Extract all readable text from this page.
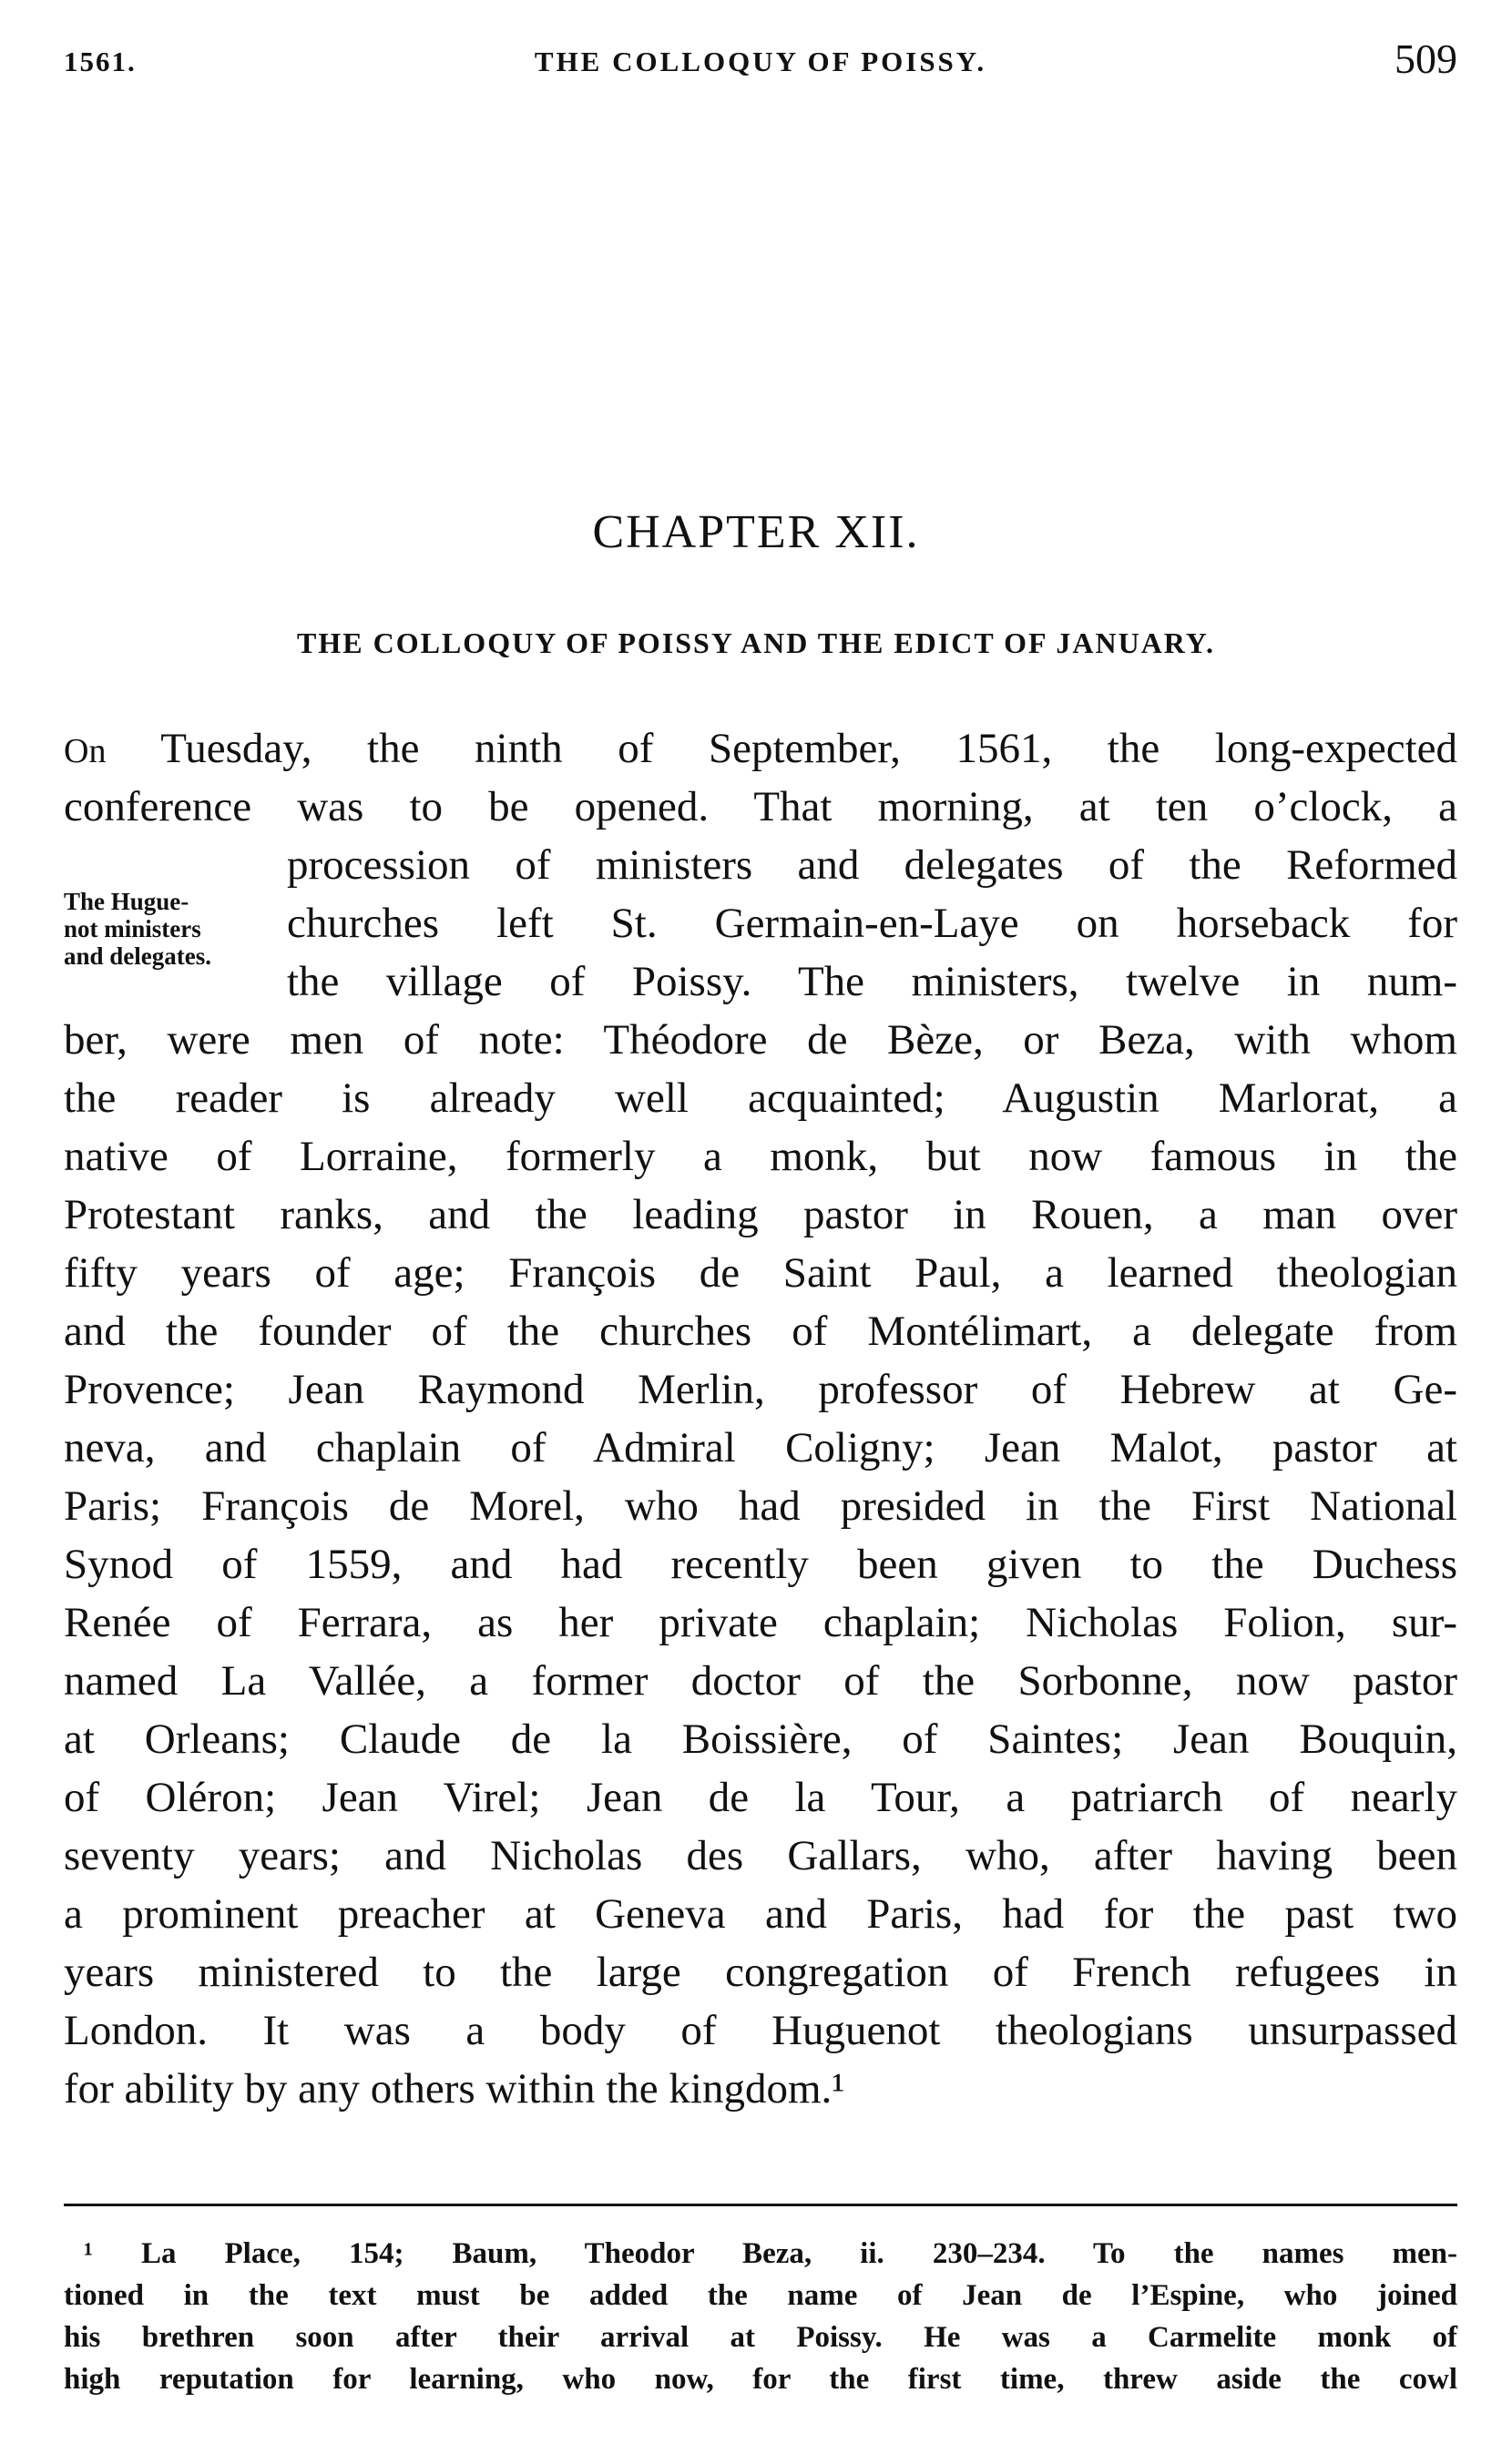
1561.	THE COLLOQUY OF POISSY.	509
CHAPTER XII.
THE COLLOQUY OF POISSY AND THE EDICT OF JANUARY.
The Hugue-
not ministers
and delegates.
On Tuesday, the ninth of September, 1561, the long-expected
conference was to be opened. That morning, at ten o’clock, a
procession of ministers and delegates of the Reformed
churches left St. Germain-en-Laye on horseback for
the village of Poissy. The ministers, twelve in num-
ber, were men of note: Théodore de Bèze, or Beza, with whom
the reader is already well acquainted; Augustin Marlorat, a
native of Lorraine, formerly a monk, but now famous in the
Protestant ranks, and the leading pastor in Rouen, a man over
fifty years of age; François de Saint Paul, a learned theologian
and the founder of the churches of Montélimart, a delegate from
Provence; Jean Raymond Merlin, professor of Hebrew at Ge-
neva, and chaplain of Admiral Coligny; Jean Malot, pastor at
Paris; François de Morel, who had presided in the First National
Synod of 1559, and had recently been given to the Duchess
Renée of Ferrara, as her private chaplain; Nicholas Folion, sur-
named La Vallée, a former doctor of the Sorbonne, now pastor
at Orleans; Claude de la Boissière, of Saintes; Jean Bouquin,
of Oléron; Jean Virel; Jean de la Tour, a patriarch of nearly
seventy years; and Nicholas des Gallars, who, after having been
a prominent preacher at Geneva and Paris, had for the past two
years ministered to the large congregation of French refugees in
London. It was a body of Huguenot theologians unsurpassed
for ability by any others within the kingdom.¹
¹ La Place, 154; Baum, Theodor Beza, ii. 230–234. To the names men-
tioned in the text must be added the name of Jean de l’Espine, who joined
his brethren soon after their arrival at Poissy. He was a Carmelite monk of
high reputation for learning, who now, for the first time, threw aside the cowl
